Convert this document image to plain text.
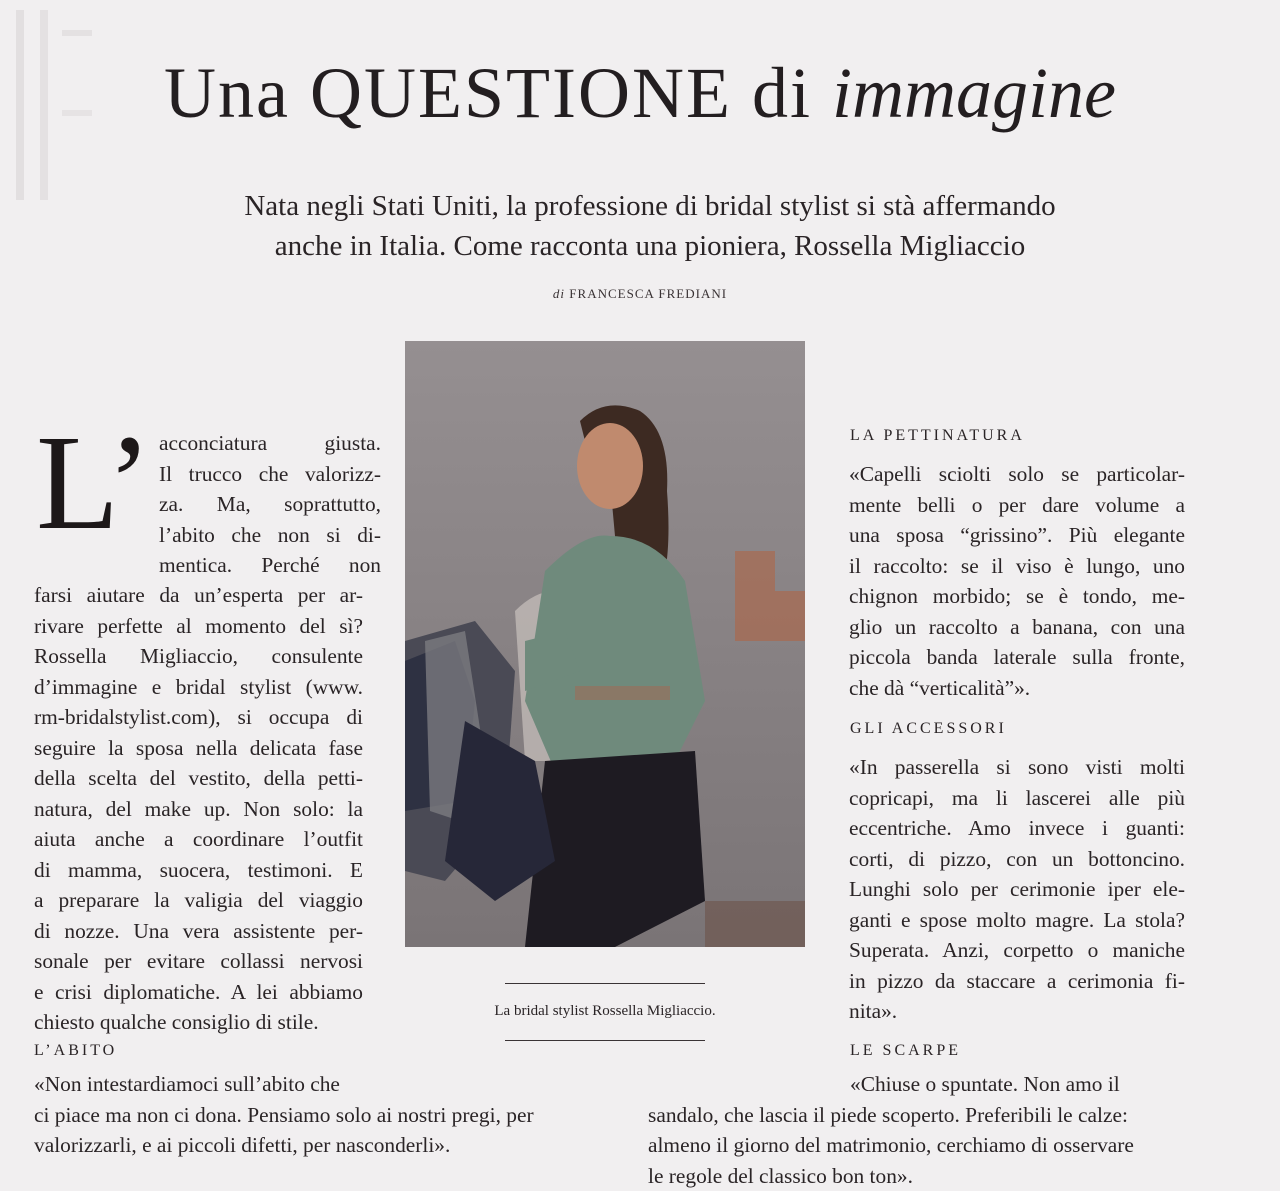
Una QUESTIONE di immagine
Nata negli Stati Uniti, la professione di bridal stylist si stà affermando
anche in Italia. Come racconta una pioniera, Rossella Migliaccio
di FRANCESCA FREDIANI
L’ acconciatura giusta.
Il trucco che valorizz-
za. Ma, soprattutto,
l’abito che non si di-
mentica. Perché non
farsi aiutare da un’esperta per ar-
rivare perfette al momento del sì?
Rossella Migliaccio, consulente
d’immagine e bridal stylist (www.
rm-bridalstylist.com), si occupa di
seguire la sposa nella delicata fase
della scelta del vestito, della petti-
natura, del make up. Non solo: la
aiuta anche a coordinare l’outfit
di mamma, suocera, testimoni. E
a preparare la valigia del viaggio
di nozze. Una vera assistente per-
sonale per evitare collassi nervosi
e crisi diplomatiche. A lei abbiamo
chiesto qualche consiglio di stile.	La bridal stylist Rossella Migliaccio.
LA PETTINATURA
«Capelli sciolti solo se particolar-
mente belli o per dare volume a
una sposa “grissino”. Più elegante
il raccolto: se il viso è lungo, uno
chignon morbido; se è tondo, me-
glio un raccolto a banana, con una
piccola banda laterale sulla fronte,
che dà “verticalità”».
GLI ACCESSORI
«In passerella si sono visti molti
copricapi, ma li lascerei alle più
eccentriche. Amo invece i guanti:
corti, di pizzo, con un bottoncino.
Lunghi solo per cerimonie iper ele-
ganti e spose molto magre. La stola?
Superata. Anzi, corpetto o maniche
in pizzo da staccare a cerimonia fi-
nita».
L’ABITO
«Non intestardiamoci sull’abito che
ci piace ma non ci dona. Pensiamo solo ai nostri pregi, per
valorizzarli, e ai piccoli difetti, per nasconderli».
LE SCARPE
«Chiuse o spuntate. Non amo il
sandalo, che lascia il piede scoperto. Preferibili le calze:
almeno il giorno del matrimonio, cerchiamo di osservare
le regole del classico bon ton».
